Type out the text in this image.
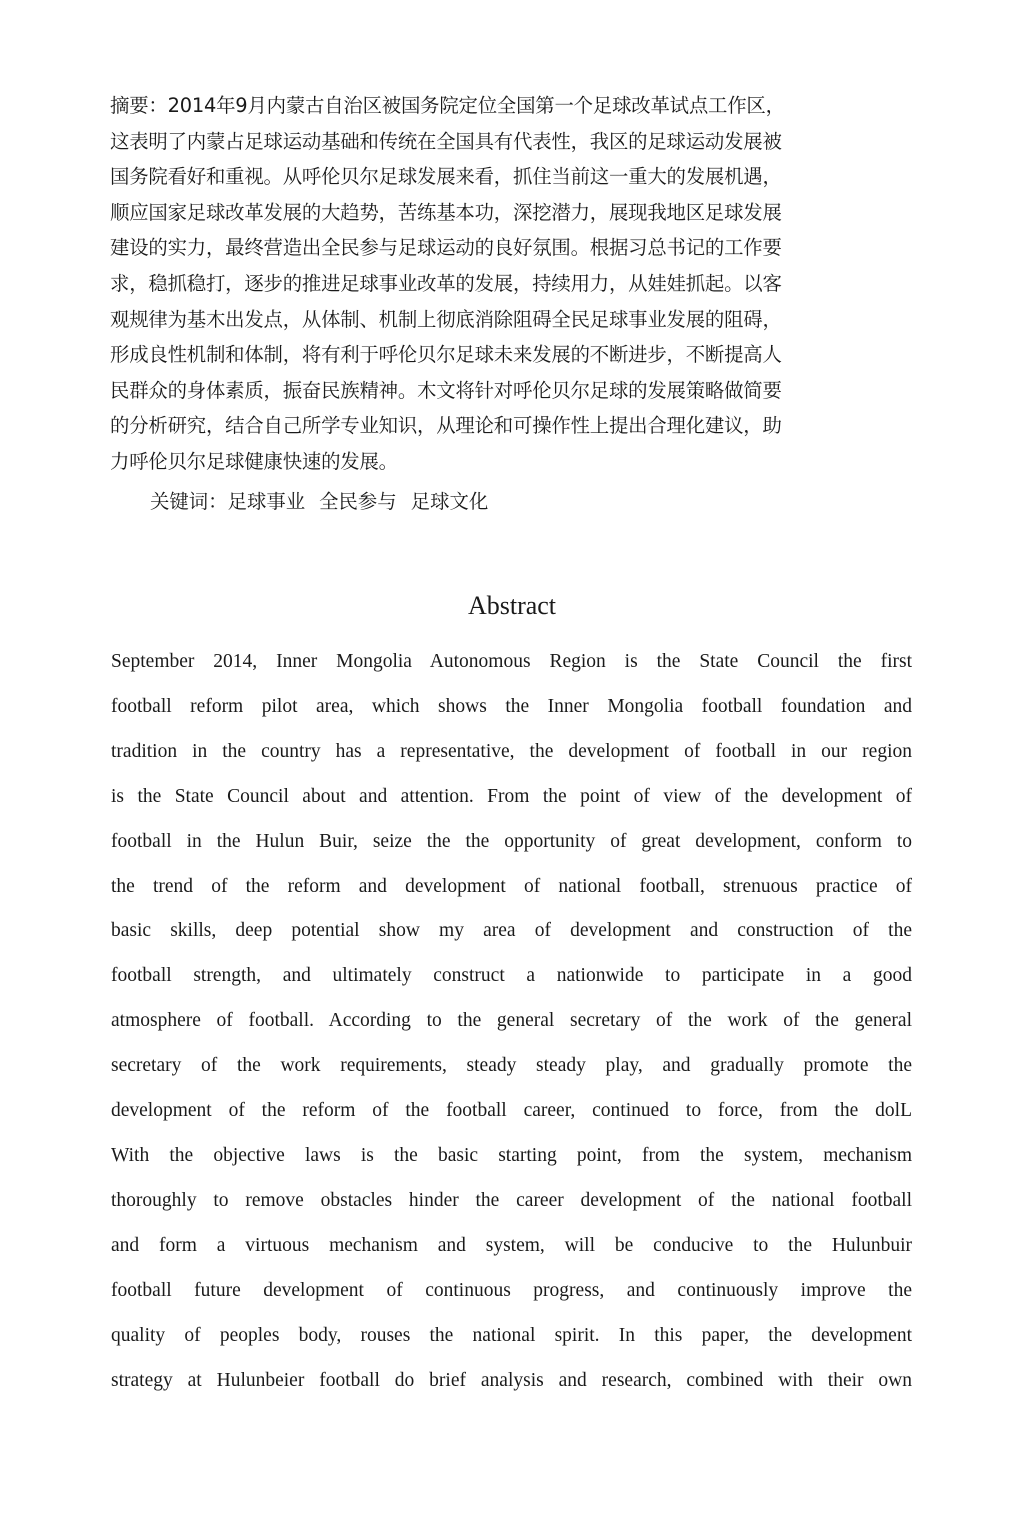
摘要：2014年9月内蒙古自治区被国务院定位全国第一个足球改革试点工作区，
这表明了内蒙占足球运动基础和传统在全国具有代表性，我区的足球运动发展被
国务院看好和重视。从呼伦贝尔足球发展来看，抓住当前这一重大的发展机遇，
顺应国家足球改革发展的大趋势，苦练基本功，深挖潜力，展现我地区足球发展
建设的实力，最终营造出全民参与足球运动的良好氛围。根据习总书记的工作要
求，稳抓稳打，逐步的推进足球事业改革的发展，持续用力，从娃娃抓起。以客
观规律为基木出发点，从体制、机制上彻底消除阻碍全民足球事业发展的阻碍，
形成良性机制和体制，将有利于呼伦贝尔足球未来发展的不断进步，不断提高人
民群众的身体素质，振奋民族精神。木文将针对呼伦贝尔足球的发展策略做简要
的分析研究，结合自己所学专业知识，从理论和可操作性上提出合理化建议，助
力呼伦贝尔足球健康快速的发展。
关键词：足球事业 全民参与 足球文化
Abstract
September 2014, Inner Mongolia Autonomous Region is the State Council the first
football reform pilot area, which shows the Inner Mongolia football foundation and
tradition in the country has a representative, the development of football in our region
is the State Council about and attention. From the point of view of the development of
football in the Hulun Buir, seize the the opportunity of great development, conform to
the trend of the reform and development of national football, strenuous practice of
basic skills, deep potential show my area of development and construction of the
football strength, and ultimately construct a nationwide to participate in a good
atmosphere of football. According to the general secretary of the work of the general
secretary of the work requirements, steady steady play, and gradually promote the
development of the reform of the football career, continued to force, from the dolL
With the objective laws is the basic starting point, from the system, mechanism
thoroughly to remove obstacles hinder the career development of the national football
and form a virtuous mechanism and system, will be conducive to the Hulunbuir
football future development of continuous progress, and continuously improve the
quality of peoples body, rouses the national spirit. In this paper, the development
strategy at Hulunbeier football do brief analysis and research, combined with their own
